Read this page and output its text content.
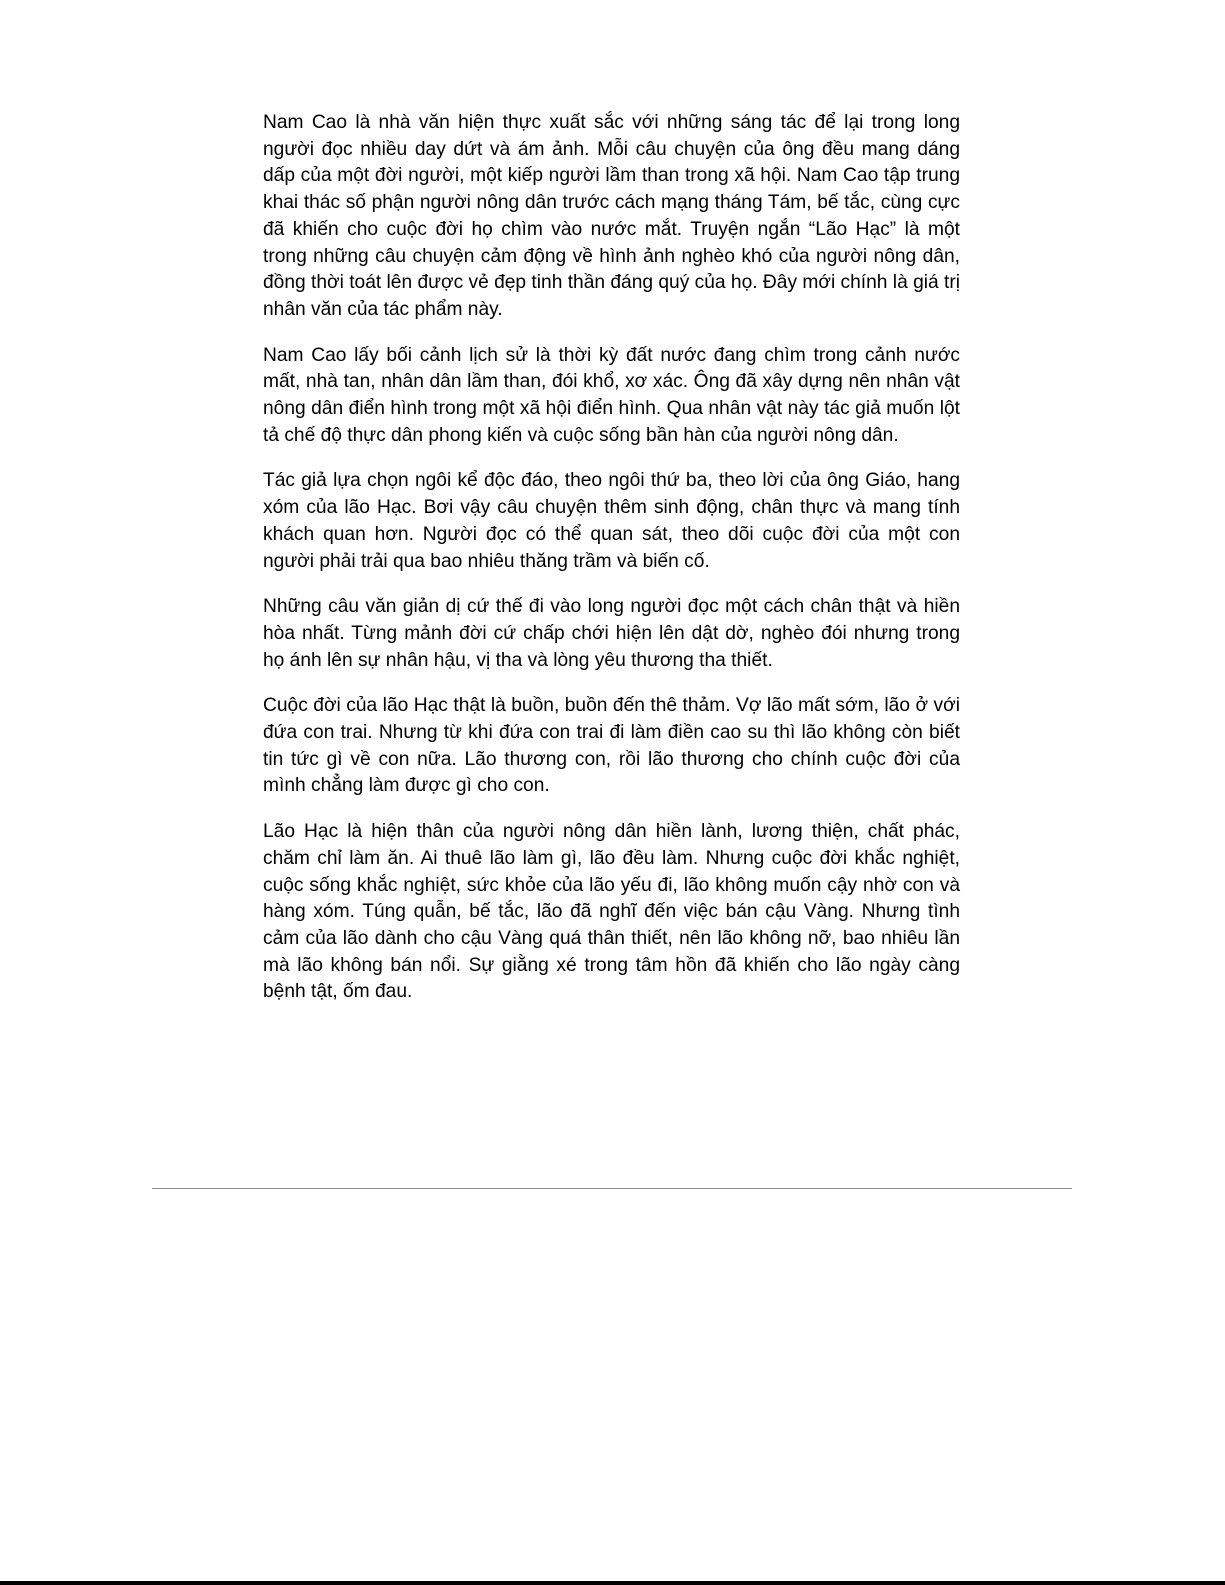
Nam Cao là nhà văn hiện thực xuất sắc với những sáng tác để lại trong long người đọc nhiều day dứt và ám ảnh. Mỗi câu chuyện của ông đều mang dáng dấp của một đời người, một kiếp người lầm than trong xã hội. Nam Cao tập trung khai thác số phận người nông dân trước cách mạng tháng Tám, bế tắc, cùng cực đã khiến cho cuộc đời họ chìm vào nước mắt. Truyện ngắn “Lão Hạc” là một trong những câu chuyện cảm động về hình ảnh nghèo khó của người nông dân, đồng thời toát lên được vẻ đẹp tinh thần đáng quý của họ. Đây mới chính là giá trị nhân văn của tác phẩm này.

Nam Cao lấy bối cảnh lịch sử là thời kỳ đất nước đang chìm trong cảnh nước mất, nhà tan, nhân dân lầm than, đói khổ, xơ xác. Ông đã xây dựng nên nhân vật nông dân điển hình trong một xã hội điển hình. Qua nhân vật này tác giả muốn lột tả chế độ thực dân phong kiến và cuộc sống bần hàn của người nông dân.

Tác giả lựa chọn ngôi kể độc đáo, theo ngôi thứ ba, theo lời của ông Giáo, hang xóm của lão Hạc. Bơi vậy câu chuyện thêm sinh động, chân thực và mang tính khách quan hơn. Người đọc có thể quan sát, theo dõi cuộc đời của một con người phải trải qua bao nhiêu thăng trầm và biến cố.

Những câu văn giản dị cứ thế đi vào long người đọc một cách chân thật và hiền hòa nhất. Từng mảnh đời cứ chấp chới hiện lên dật dờ, nghèo đói nhưng trong họ ánh lên sự nhân hậu, vị tha và lòng yêu thương tha thiết.

Cuộc đời của lão Hạc thật là buồn, buồn đến thê thảm. Vợ lão mất sớm, lão ở với đứa con trai. Nhưng từ khi đứa con trai đi làm điền cao su thì lão không còn biết tin tức gì về con nữa. Lão thương con, rồi lão thương cho chính cuộc đời của mình chẳng làm được gì cho con.

Lão Hạc là hiện thân của người nông dân hiền lành, lương thiện, chất phác, chăm chỉ làm ăn. Ai thuê lão làm gì, lão đều làm. Nhưng cuộc đời khắc nghiệt, cuộc sống khắc nghiệt, sức khỏe của lão yếu đi, lão không muốn cậy nhờ con và hàng xóm. Túng quẫn, bế tắc, lão đã nghĩ đến việc bán cậu Vàng. Nhưng tình cảm của lão dành cho cậu Vàng quá thân thiết, nên lão không nỡ, bao nhiêu lần mà lão không bán nổi. Sự giằng xé trong tâm hồn đã khiến cho lão ngày càng bệnh tật, ốm đau.
